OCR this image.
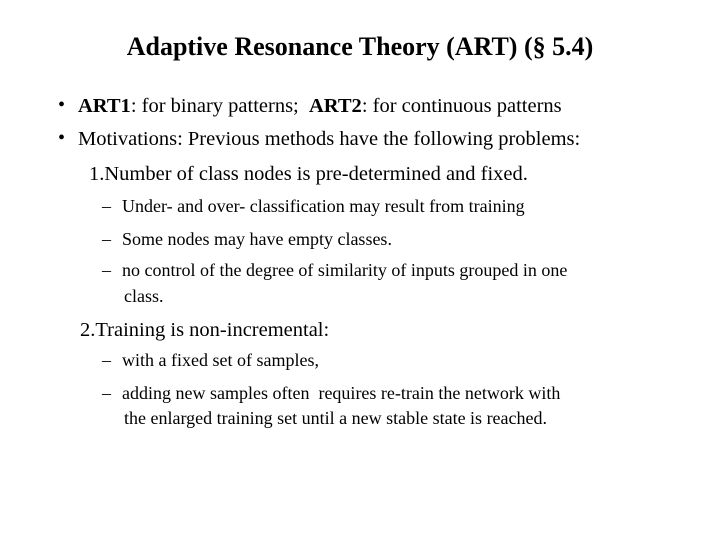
Adaptive Resonance Theory (ART) (§ 5.4)
• ART1: for binary patterns;  ART2: for continuous patterns
• Motivations: Previous methods have the following problems:
1.Number of class nodes is pre-determined and fixed.
– Under- and over- classification may result from training
– Some nodes may have empty classes.
– no control of the degree of similarity of inputs grouped in one
class.
2.Training is non-incremental:
– with a fixed set of samples,
– adding new samples often  requires re-train the network with
the enlarged training set until a new stable state is reached.
